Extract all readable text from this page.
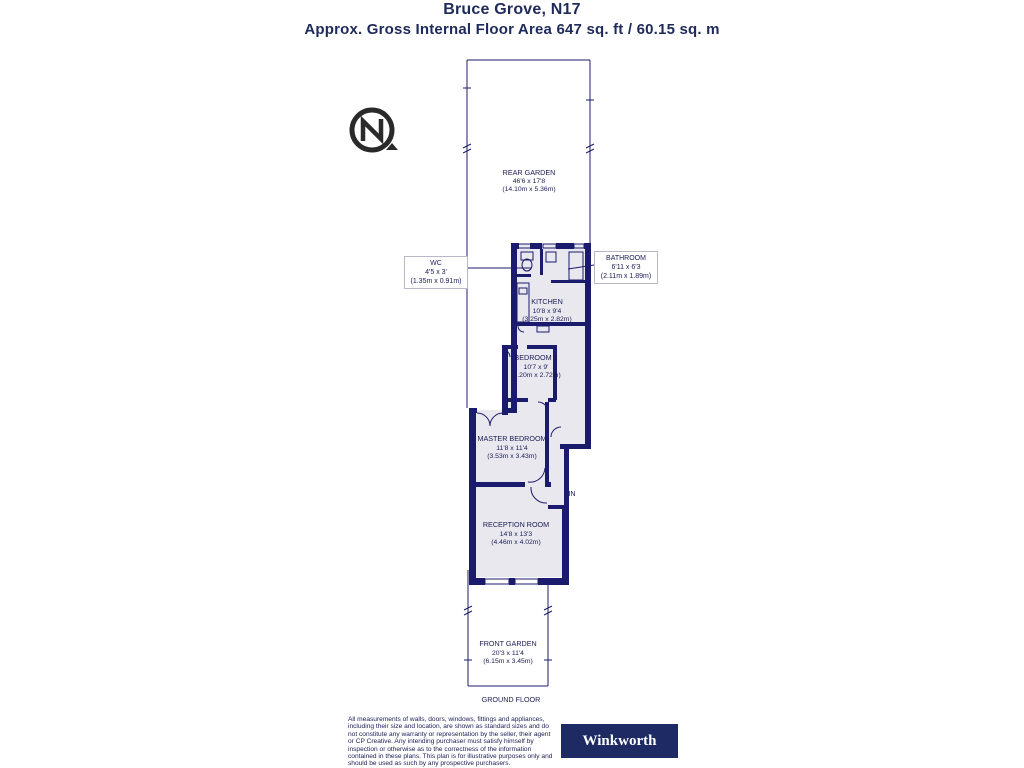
Bruce Grove, N17
Approx. Gross Internal Floor Area 647 sq. ft / 60.15 sq. m
REAR GARDEN
46'6 x 17'8
(14.10m x 5.36m)
KITCHEN
10'8 x 9'4
(3.25m x 2.82m)
BEDROOM 2
10'7 x 9'
(3.20m x 2.72m)
MASTER BEDROOM
11'8 x 11'4
(3.53m x 3.43m)
RECEPTION ROOM
14'8 x 13'3
(4.46m x 4.02m)
FRONT GARDEN
20'3 x 11'4
(6.15m x 3.45m)
IN
GROUND FLOOR
WC
4'5 x 3'
(1.35m x 0.91m)
BATHROOM
6'11 x 6'3
(2.11m x 1.89m)
All measurements of walls, doors, windows, fittings and appliances, including their size and location, are shown as standard sizes and do not constitute any warranty or representation by the seller, their agent or CP Creative. Any intending purchaser must satisfy himself by inspection or otherwise as to the correctness of the information contained in these plans. This plan is for illustrative purposes only and should be used as such by any prospective purchasers.
Winkworth
